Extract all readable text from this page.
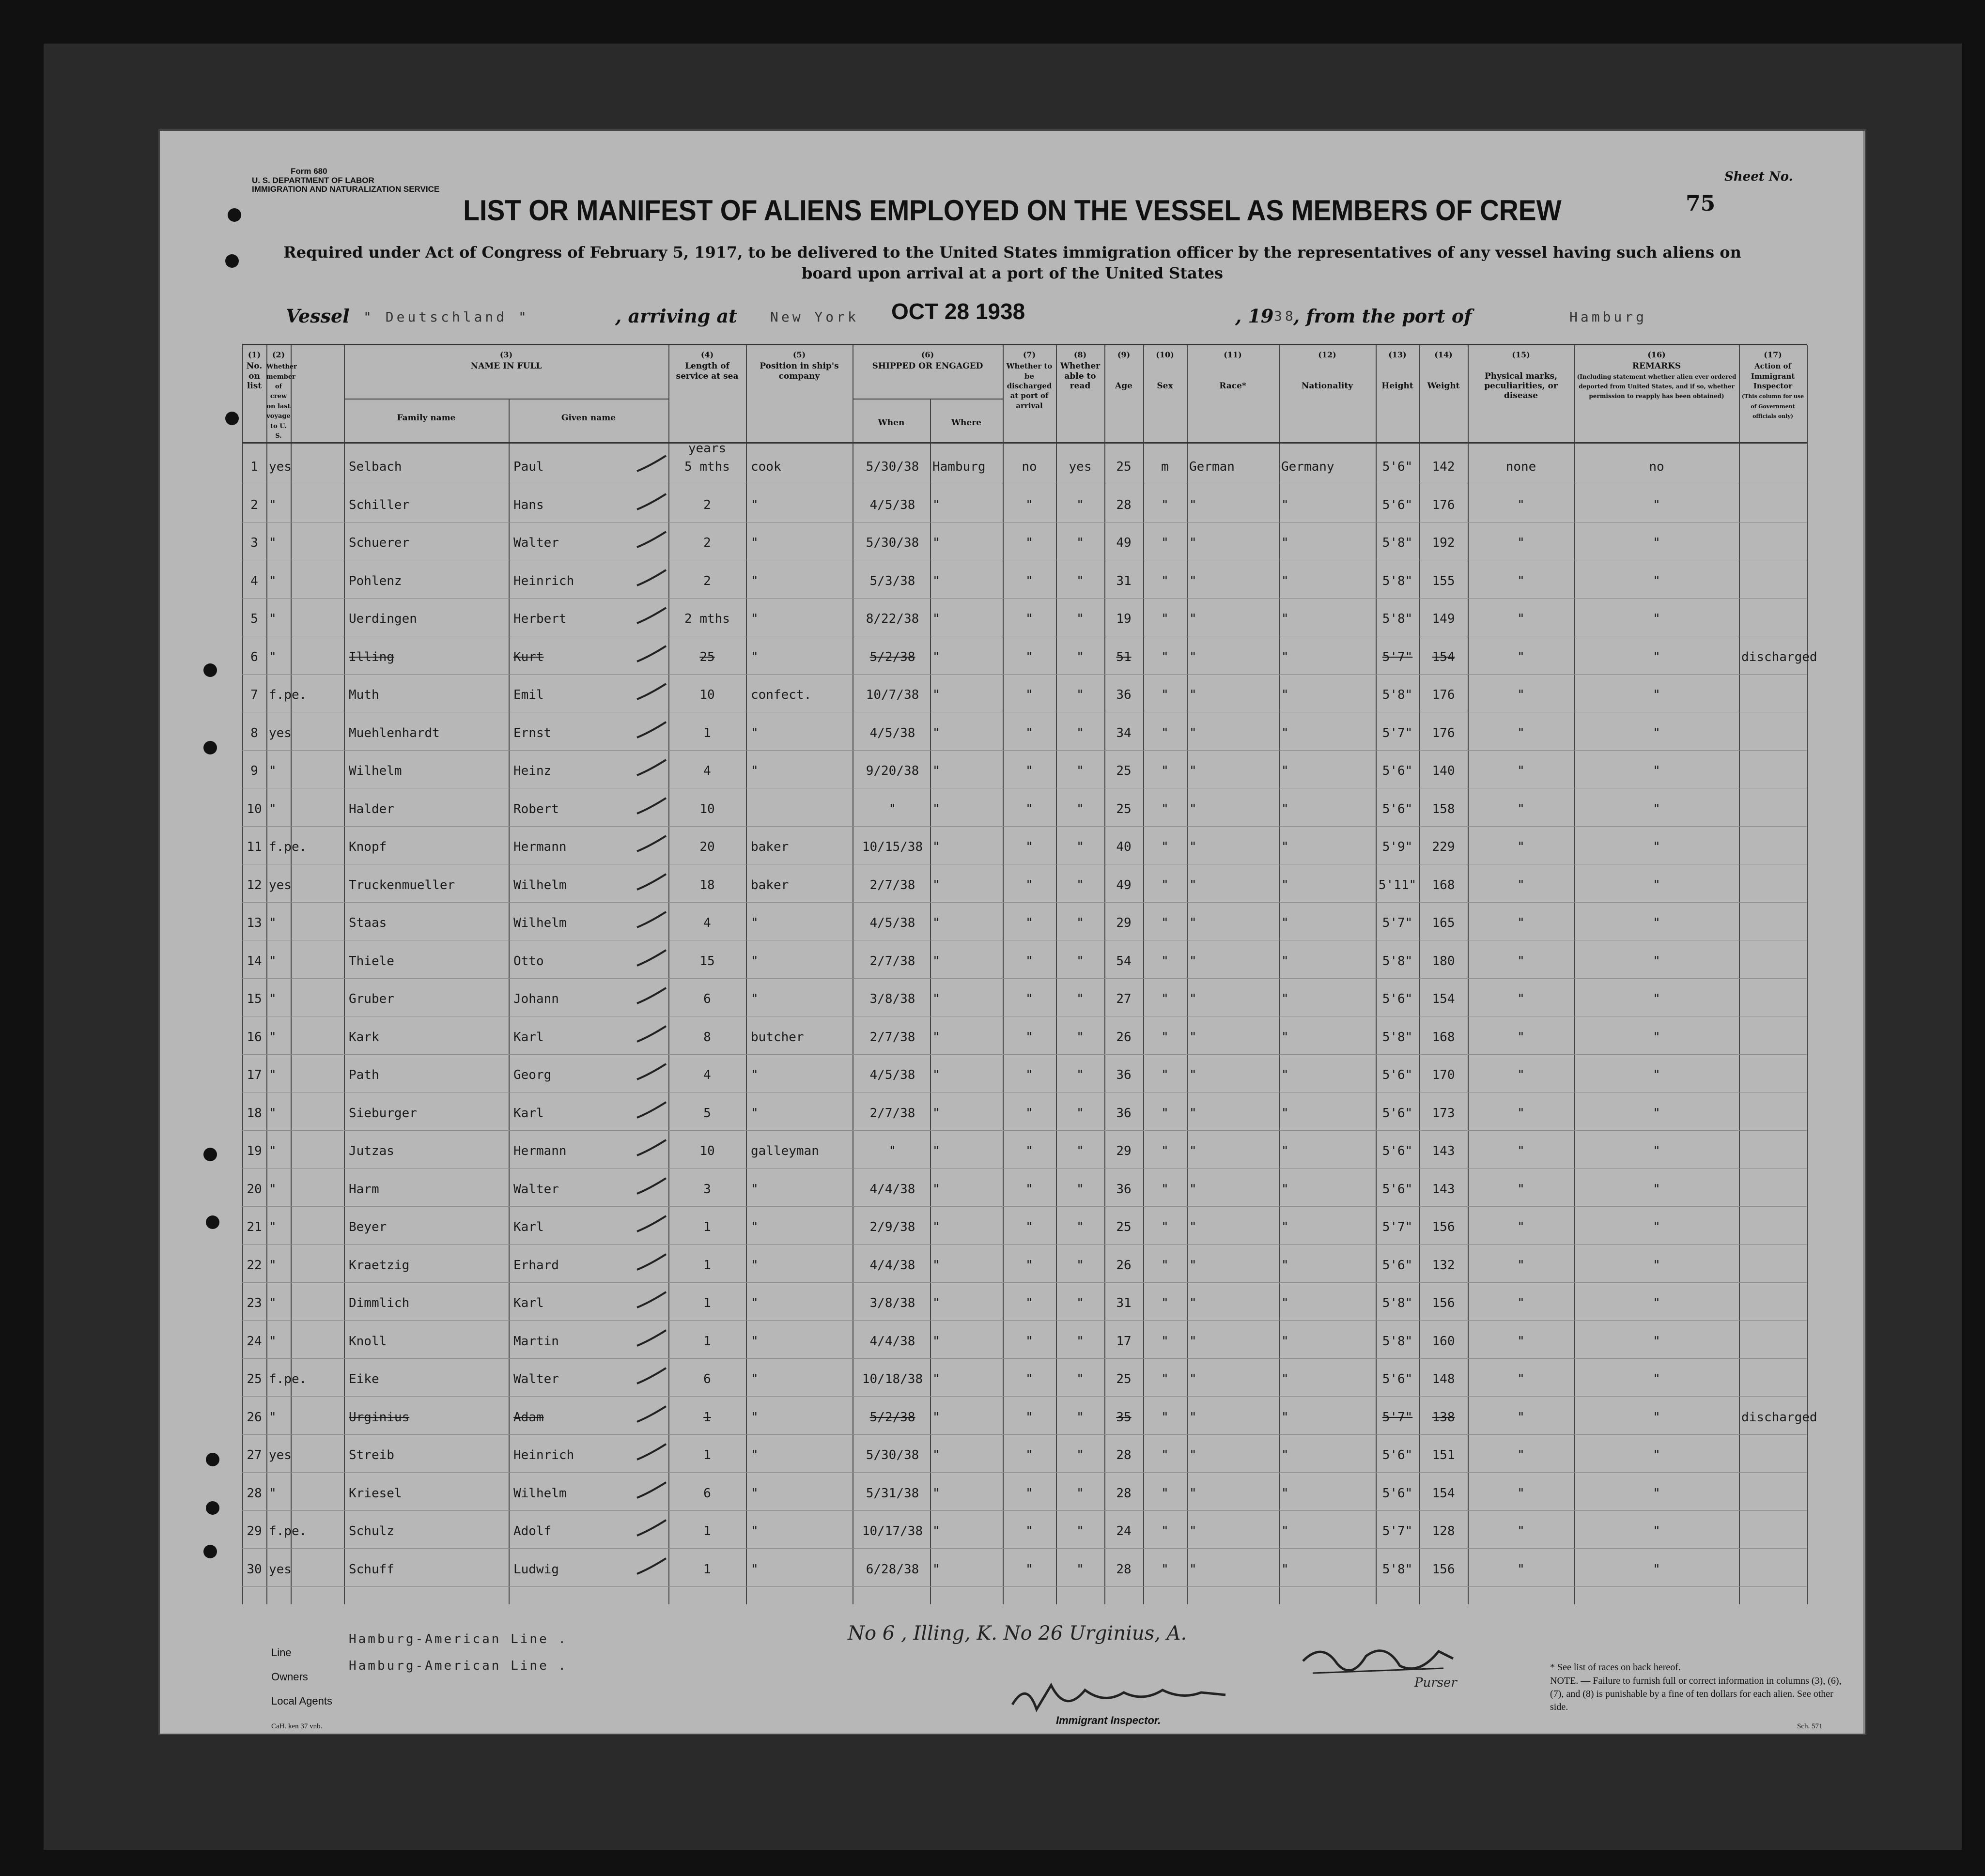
Form 680
U. S. DEPARTMENT OF LABOR
IMMIGRATION AND NATURALIZATION SERVICE
Sheet No.
75
LIST OR MANIFEST OF ALIENS EMPLOYED ON THE VESSEL AS MEMBERS OF CREW
Required under Act of Congress of February 5, 1917, to be delivered to the United States immigration officer by the representatives of any vessel having such aliens on board upon arrival at a port of the United States
Vessel " Deutschland "	, arriving at New York OCT 28 1938	, 19 38
, from the port of	Hamburg
(1)
No. on list
(2)
Whether member of crew on last voyage to U. S.
(3)
NAME IN FULL
Family name	Given name
(4)
Length of service at sea
(5)
Position in ship's company
(6)
SHIPPED OR ENGAGED
When	Where
(7)
Whether to be discharged at port of arrival
(8)
Whether able to read
(9)

Age
(10)

Sex
(11)

Race*
(12)

Nationality
(13)

Height
(14)

Weight
(15)

Physical marks, peculiarities, or disease
(16)
REMARKS
(Including statement whether alien ever ordered deported from United States, and if so, whether permission to reapply has been obtained)
(17)
Action of Immigrant Inspector
(This column for use of Government officials only)
1 yes	Selbach	Paul	5 mths	cook	5/30/38	Hamburg	no	yes	25	m	German	Germany	5'6"	142	none	no
years
2 "	Schiller	Hans	2	"	4/5/38	"	"	"	28	"	"	"	5'6"	176	"	"
3 "	Schuerer	Walter	2	"	5/30/38	"	"	"	49	"	"	"	5'8"	192	"	"
4 "	Pohlenz	Heinrich	2	"	5/3/38	"	"	"	31	"	"	"	5'8"	155	"	"
5 "	Uerdingen	Herbert	2 mths	"	8/22/38	"	"	"	19	"	"	"	5'8"	149	"	"
6 "	Illing	Kurt	25	"	5/2/38	"	"	"	51	"	"	"	5'7"	154	"	"	discharged
7 f.pe.	Muth	Emil	10	confect.	10/7/38	"	"	"	36	"	"	"	5'8"	176	"	"
8 yes	Muehlenhardt	Ernst	1	"	4/5/38	"	"	"	34	"	"	"	5'7"	176	"	"
9 "	Wilhelm	Heinz	4	"	9/20/38	"	"	"	25	"	"	"	5'6"	140	"	"
10 "	Halder	Robert	10	"	"	"	"	25	"	"	"	5'6"	158	"	"
11 f.pe.	Knopf	Hermann	20	baker	10/15/38 "	"	"	40	"	"	"	5'9"	229	"	"
12 yes	Truckenmueller	Wilhelm	18	baker	2/7/38	"	"	"	49	"	"	"	5'11"	168	"	"
13 "	Staas	Wilhelm	4	"	4/5/38	"	"	"	29	"	"	"	5'7"	165	"	"
14 "	Thiele	Otto	15	"	2/7/38	"	"	"	54	"	"	"	5'8"	180	"	"
15 "	Gruber	Johann	6	"	3/8/38	"	"	"	27	"	"	"	5'6"	154	"	"
16 "	Kark	Karl	8	butcher	2/7/38	"	"	"	26	"	"	"	5'8"	168	"	"
17 "	Path	Georg	4	"	4/5/38	"	"	"	36	"	"	"	5'6"	170	"	"
18 "	Sieburger	Karl	5	"	2/7/38	"	"	"	36	"	"	"	5'6"	173	"	"
19 "	Jutzas	Hermann	10	galleyman	"	"	"	"	29	"	"	"	5'6"	143	"	"
20 "	Harm	Walter	3	"	4/4/38	"	"	"	36	"	"	"	5'6"	143	"	"
21 "	Beyer	Karl	1	"	2/9/38	"	"	"	25	"	"	"	5'7"	156	"	"
22 "	Kraetzig	Erhard	1	"	4/4/38	"	"	"	26	"	"	"	5'6"	132	"	"
23 "	Dimmlich	Karl	1	"	3/8/38	"	"	"	31	"	"	"	5'8"	156	"	"
24 "	Knoll	Martin	1	"	4/4/38	"	"	"	17	"	"	"	5'8"	160	"	"
25 f.pe.	Eike	Walter	6	"	10/18/38 "	"	"	25	"	"	"	5'6"	148	"	"
26 "	Urginius	Adam	1	"	5/2/38	"	"	"	35	"	"	"	5'7"	138	"	"	discharged
27 yes	Streib	Heinrich	1	"	5/30/38	"	"	"	28	"	"	"	5'6"	151	"	"
28 "	Kriesel	Wilhelm	6	"	5/31/38	"	"	"	28	"	"	"	5'6"	154	"	"
29 f.pe.	Schulz	Adolf	1	"	10/17/38 "	"	"	24	"	"	"	5'7"	128	"	"
30 yes	Schuff	Ludwig	1	"	6/28/38	"	"	"	28	"	"	"	5'8"	156	"	"
Line
Hamburg-American Line .
Owners
Hamburg-American Line .
Local Agents
No 6 , Illing, K. No 26 Urginius, A.
Immigrant Inspector.
Purser
* See list of races on back hereof.
NOTE. — Failure to furnish full or correct information in columns (3), (6), (7), and (8) is punishable by a fine of ten dollars for each alien. See other side.
CaH. ken 37 vnb.	Sch. 571
